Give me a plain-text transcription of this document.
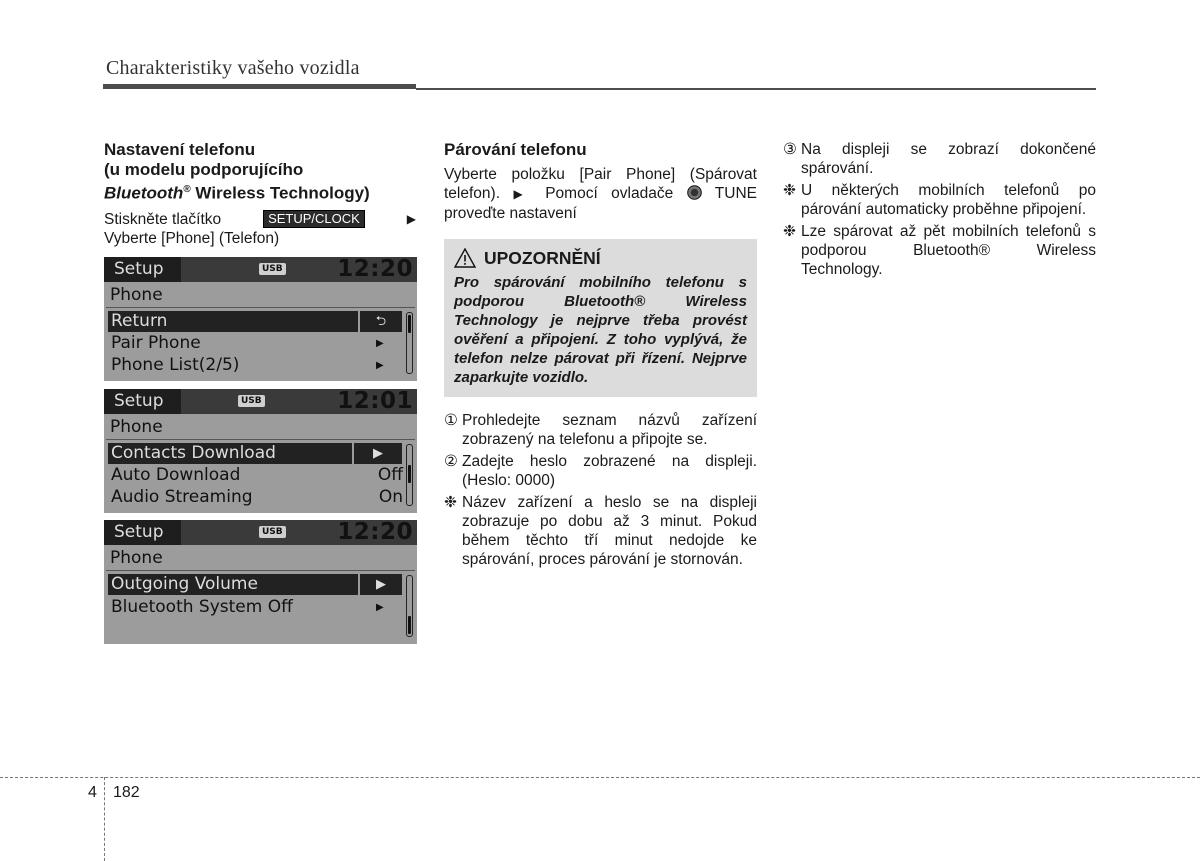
Charakteristiky vašeho vozidla

Nastavení telefonu
(u modelu podporujícího
Bluetooth® Wireless Technology)

Stiskněte tlačítko	SETUP/CLOCK	▶

Vyberte [Phone] (Telefon)

Setup	USB 12:20
Phone
Return	⮌
Pair Phone	▶
Phone List(2/5)	▶
Setup	USB	12:01
Phone
Contacts Download	▶
Auto Download	Off
Audio Streaming	On
Setup	USB 12:20
Phone
Outgoing Volume	▶
Bluetooth System Off	▶

Párování telefonu

Vyberte položku [Pair Phone] (Spárovat telefon). ▶ Pomocí ovladače	TUNE proveďte nastavení

UPOZORNĚNÍ

Pro spárování mobilního telefonu s podporou Bluetooth® Wireless Technology je nejprve třeba provést ověření a připojení. Z toho vyplývá, že telefon nelze párovat při řízení. Nejprve zaparkujte vozidlo.

① Prohledejte seznam názvů zařízení zobrazený na telefonu a připojte se.
② Zadejte heslo zobrazené na displeji. (Heslo: 0000)
❉ Název zařízení a heslo se na displeji zobrazuje po dobu až 3 minut. Pokud během těchto tří minut nedojde ke spárování, proces párování je stornován.
③ Na displeji se zobrazí dokončené spárování.
❉ U některých mobilních telefonů po párování automaticky proběhne připojení.
❉ Lze spárovat až pět mobilních telefonů s podporou Bluetooth® Wireless Technology.
4 182
